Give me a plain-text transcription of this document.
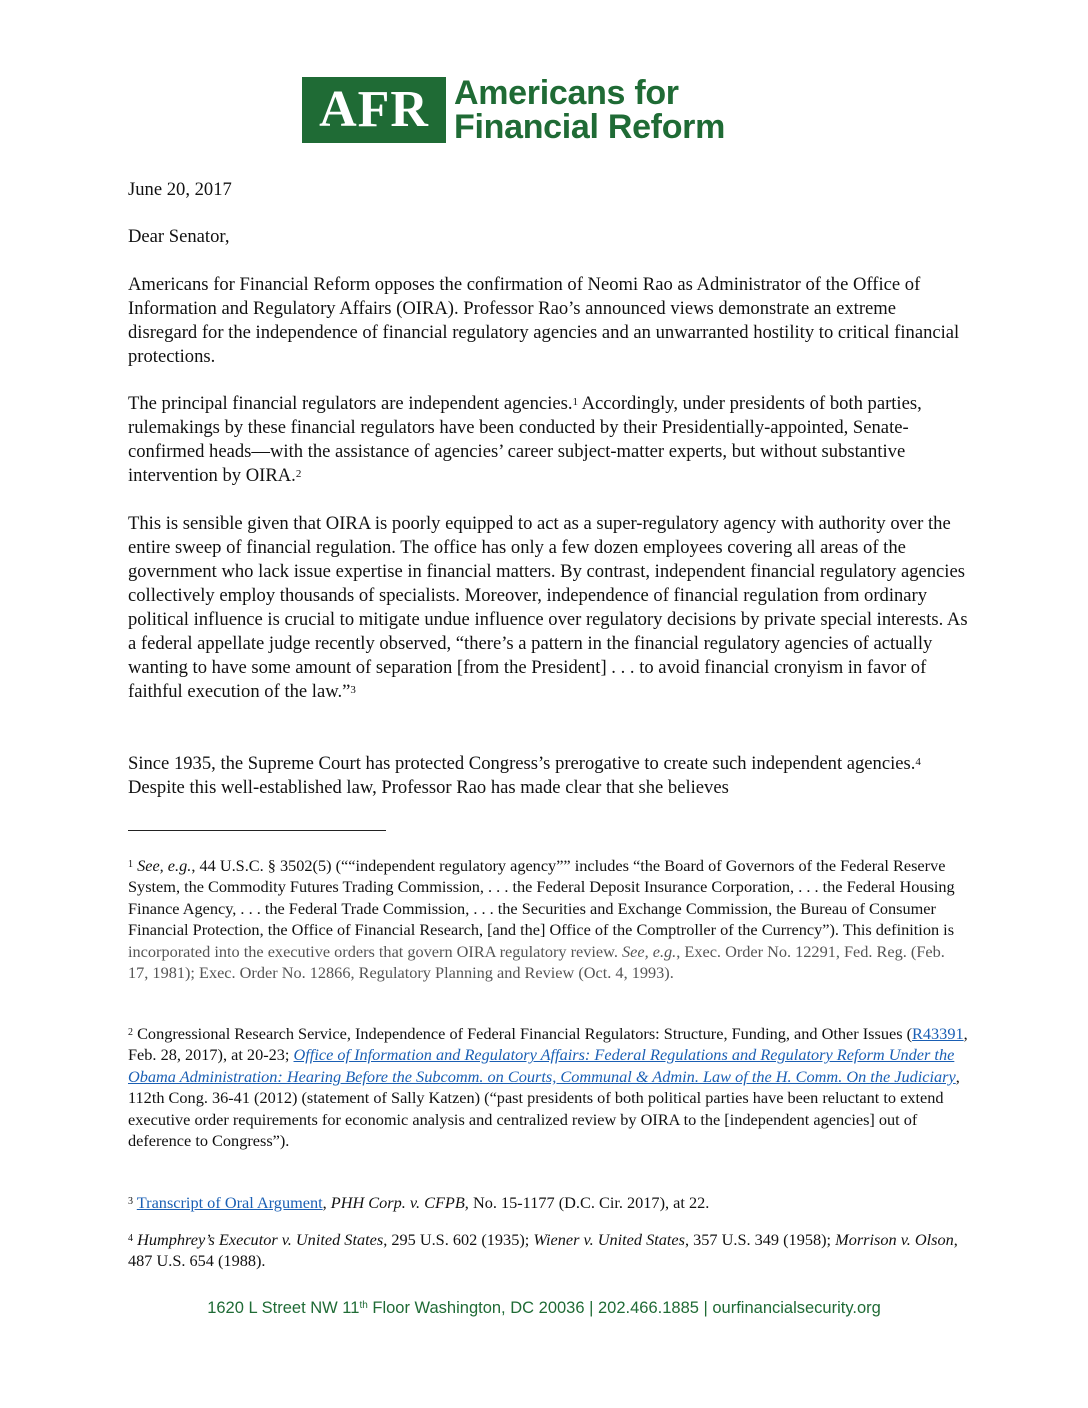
AFR Americans for
Financial Reform

June 20, 2017

Dear Senator,

Americans for Financial Reform opposes the confirmation of Neomi Rao as Administrator of the Office of Information and Regulatory Affairs (OIRA). Professor Rao’s announced views demonstrate an extreme disregard for the independence of financial regulatory agencies and an unwarranted hostility to critical financial protections.

The principal financial regulators are independent agencies.$^1$ Accordingly, under presidents of both parties, rulemakings by these financial regulators have been conducted by their Presidentially-appointed, Senate-confirmed heads—with the assistance of agencies’ career subject-matter experts, but without substantive intervention by OIRA.$^2$

This is sensible given that OIRA is poorly equipped to act as a super-regulatory agency with authority over the entire sweep of financial regulation. The office has only a few dozen employees covering all areas of the government who lack issue expertise in financial matters. By contrast, independent financial regulatory agencies collectively employ thousands of specialists. Moreover, independence of financial regulation from ordinary political influence is crucial to mitigate undue influence over regulatory decisions by private special interests. As a federal appellate judge recently observed, “there’s a pattern in the financial regulatory agencies of actually wanting to have some amount of separation [from the President] . . . to avoid financial cronyism in favor of faithful execution of the law.”$^3$

Since 1935, the Supreme Court has protected Congress’s prerogative to create such independent agencies.$^4$ Despite this well-established law, Professor Rao has made clear that she believes

$^1$ See, e.g., 44 U.S.C. § 3502(5) (““independent regulatory agency”” includes “the Board of Governors of the Federal Reserve System, the Commodity Futures Trading Commission, . . . the Federal Deposit Insurance Corporation, . . . the Federal Housing Finance Agency, . . . the Federal Trade Commission, . . . the Securities and Exchange Commission, the Bureau of Consumer Financial Protection, the Office of Financial Research, [and the] Office of the Comptroller of the Currency”). This definition is incorporated into the executive orders that govern OIRA regulatory review. See, e.g., Exec. Order No. 12291, Fed. Reg. (Feb. 17, 1981); Exec. Order No. 12866, Regulatory Planning and Review (Oct. 4, 1993).

$^2$ Congressional Research Service, Independence of Federal Financial Regulators: Structure, Funding, and Other Issues (R43391, Feb. 28, 2017), at 20-23; Office of Information and Regulatory Affairs: Federal Regulations and Regulatory Reform Under the Obama Administration: Hearing Before the Subcomm. on Courts, Communal & Admin. Law of the H. Comm. On the Judiciary, 112th Cong. 36-41 (2012) (statement of Sally Katzen) (“past presidents of both political parties have been reluctant to extend executive order requirements for economic analysis and centralized review by OIRA to the [independent agencies] out of deference to Congress”).

$^3$ Transcript of Oral Argument, PHH Corp. v. CFPB, No. 15-1177 (D.C. Cir. 2017), at 22.

$^4$ Humphrey’s Executor v. United States, 295 U.S. 602 (1935); Wiener v. United States, 357 U.S. 349 (1958); Morrison v. Olson, 487 U.S. 654 (1988).

1620 L Street NW 11th Floor Washington, DC 20036 | 202.466.1885 | ourfinancialsecurity.org
